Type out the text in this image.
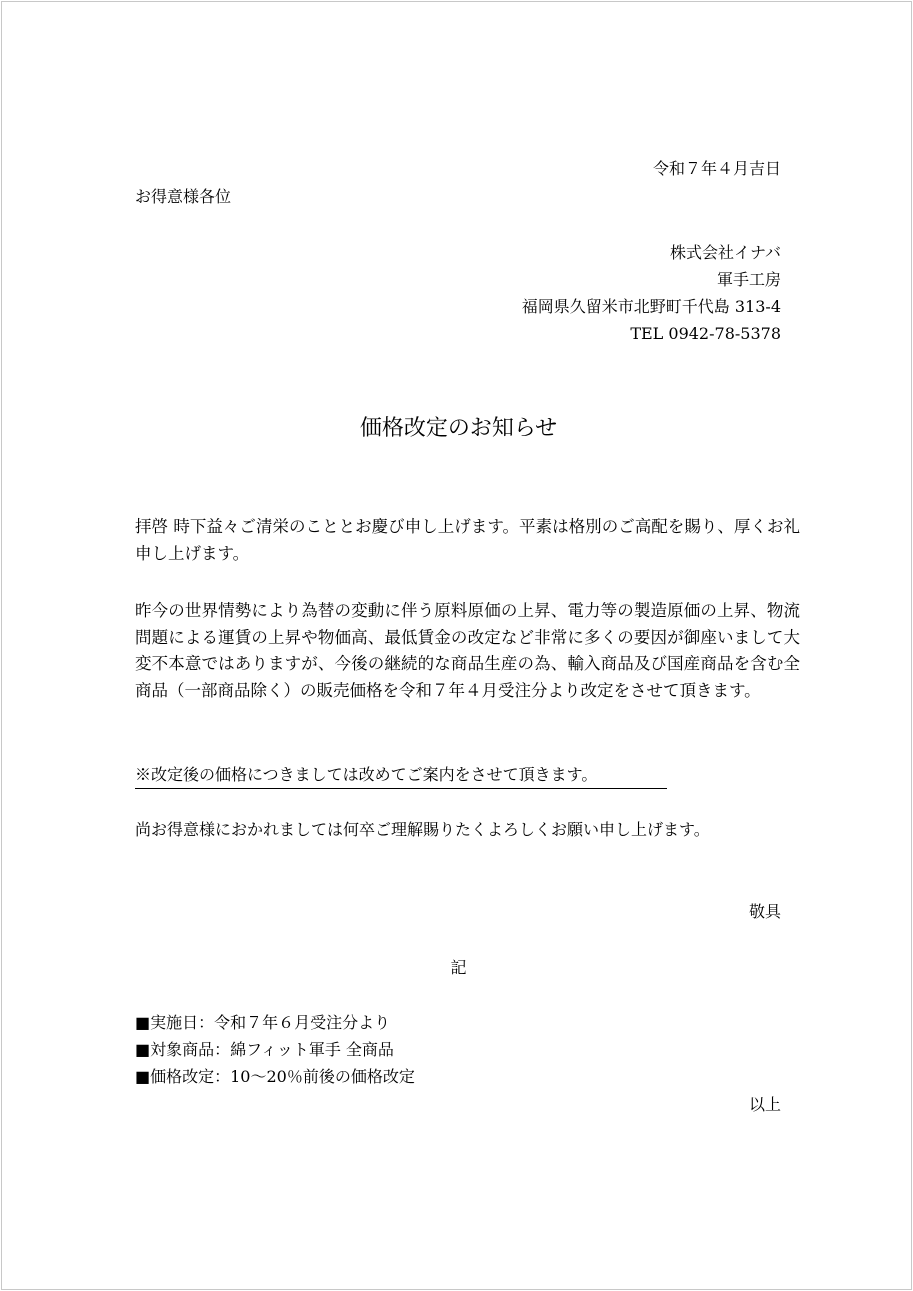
令和７年４月吉日
お得意様各位
株式会社イナバ
軍手工房
福岡県久留米市北野町千代島 313-4
TEL 0942-78-5378
価格改定のお知らせ
拝啓 時下益々ご清栄のこととお慶び申し上げます。平素は格別のご高配を賜り、厚くお礼申し上げます。
昨今の世界情勢により為替の変動に伴う原料原価の上昇、電力等の製造原価の上昇、物流問題による運賃の上昇や物価高、最低賃金の改定など非常に多くの要因が御座いまして大変不本意ではありますが、今後の継続的な商品生産の為、輸入商品及び国産商品を含む全商品（一部商品除く）の販売価格を令和７年４月受注分より改定をさせて頂きます。
※改定後の価格につきましては改めてご案内をさせて頂きます。
尚お得意様におかれましては何卒ご理解賜りたくよろしくお願い申し上げます。
敬具
記
■実施日：令和７年６月受注分より
■対象商品：綿フィット軍手 全商品
■価格改定：10～20％前後の価格改定
以上
